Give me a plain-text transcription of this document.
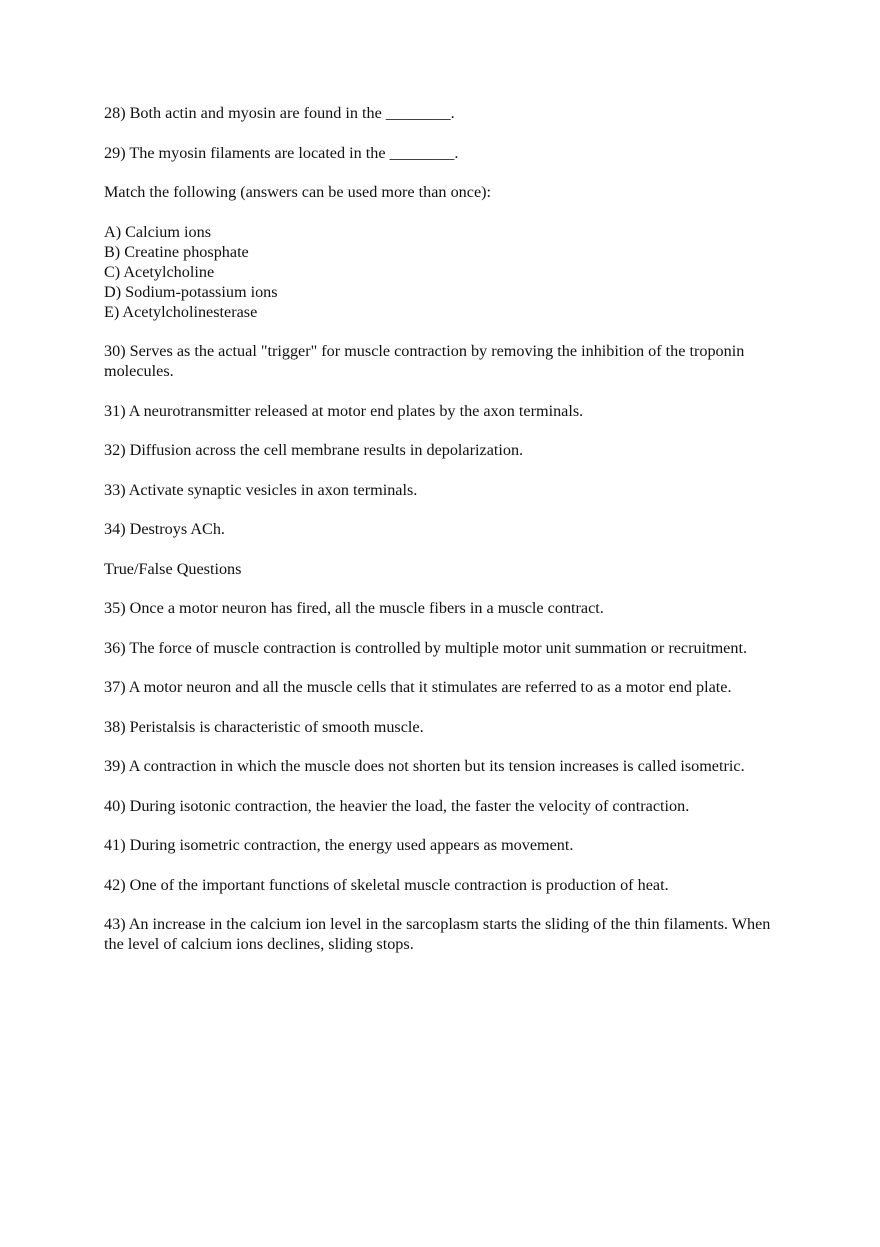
28) Both actin and myosin are found in the ________.

29) The myosin filaments are located in the ________.

Match the following (answers can be used more than once):

A) Calcium ions
B) Creatine phosphate
C) Acetylcholine
D) Sodium-potassium ions
E) Acetylcholinesterase

30) Serves as the actual "trigger" for muscle contraction by removing the inhibition of the troponin molecules.

31) A neurotransmitter released at motor end plates by the axon terminals.

32) Diffusion across the cell membrane results in depolarization.

33) Activate synaptic vesicles in axon terminals.

34) Destroys ACh.

True/False Questions

35) Once a motor neuron has fired, all the muscle fibers in a muscle contract.

36) The force of muscle contraction is controlled by multiple motor unit summation or recruitment.

37) A motor neuron and all the muscle cells that it stimulates are referred to as a motor end plate.

38) Peristalsis is characteristic of smooth muscle.

39) A contraction in which the muscle does not shorten but its tension increases is called isometric.

40) During isotonic contraction, the heavier the load, the faster the velocity of contraction.

41) During isometric contraction, the energy used appears as movement.

42) One of the important functions of skeletal muscle contraction is production of heat.

43) An increase in the calcium ion level in the sarcoplasm starts the sliding of the thin filaments. When the level of calcium ions declines, sliding stops.
